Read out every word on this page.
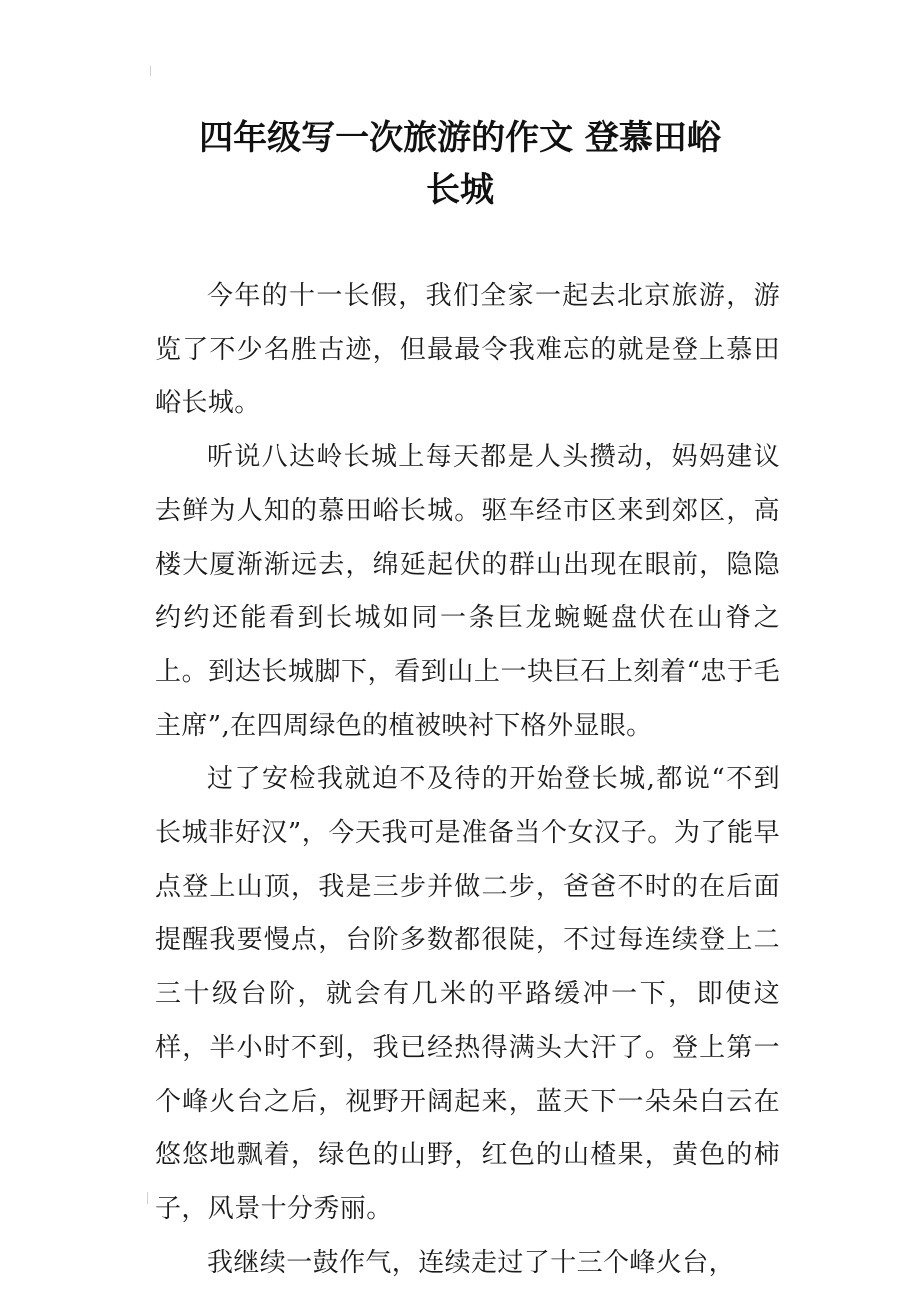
四年级写一次旅游的作文 登慕田峪
长城

今年的十一长假，我们全家一起去北京旅游，游览了不少名胜古迹，但最最令我难忘的就是登上慕田峪长城。

听说八达岭长城上每天都是人头攒动，妈妈建议去鲜为人知的慕田峪长城。驱车经市区来到郊区，高楼大厦渐渐远去，绵延起伏的群山出现在眼前，隐隐约约还能看到长城如同一条巨龙蜿蜒盘伏在山脊之上。到达长城脚下，看到山上一块巨石上刻着“忠于毛主席”,在四周绿色的植被映衬下格外显眼。

过了安检我就迫不及待的开始登长城,都说“不到长城非好汉”，今天我可是准备当个女汉子。为了能早点登上山顶，我是三步并做二步，爸爸不时的在后面提醒我要慢点，台阶多数都很陡，不过每连续登上二三十级台阶，就会有几米的平路缓冲一下，即使这样，半小时不到，我已经热得满头大汗了。登上第一个峰火台之后，视野开阔起来，蓝天下一朵朵白云在悠悠地飘着，绿色的山野，红色的山楂果，黄色的柿子，风景十分秀丽。

我继续一鼓作气，连续走过了十三个峰火台，
